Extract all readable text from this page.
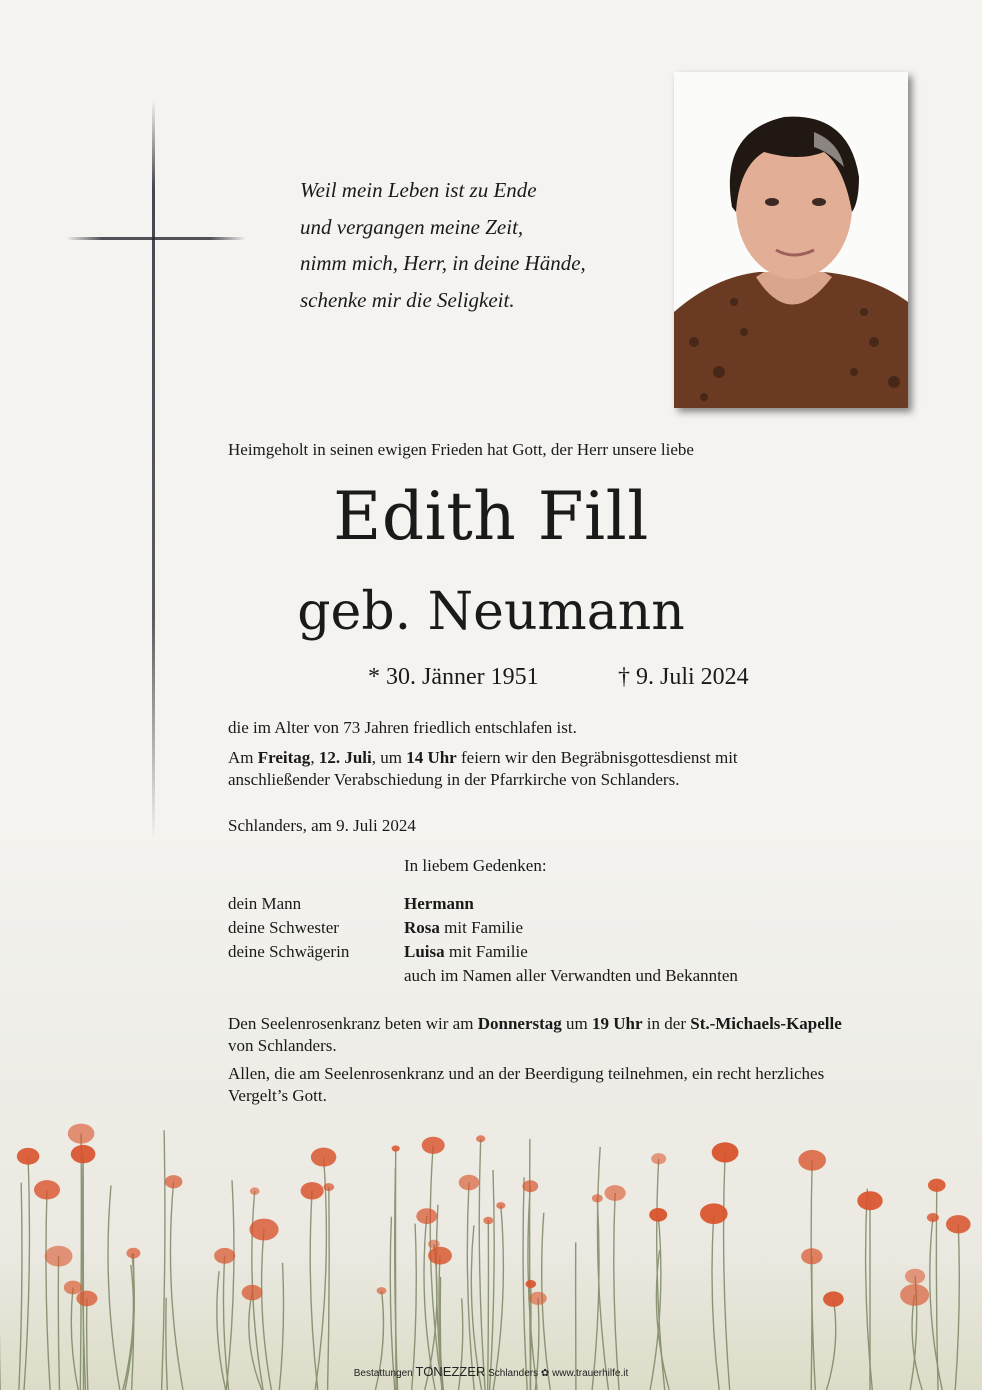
Weil mein Leben ist zu Ende
und vergangen meine Zeit,
nimm mich, Herr, in deine Hände,
schenke mir die Seligkeit.
Heimgeholt in seinen ewigen Frieden hat Gott, der Herr unsere liebe
Edith Fill
geb. Neumann
* 30. Jänner 1951	† 9. Juli 2024
die im Alter von 73 Jahren friedlich entschlafen ist.
Am Freitag, 12. Juli, um 14 Uhr feiern wir den Begräbnisgottesdienst mit
anschließender Verabschiedung in der Pfarrkirche von Schlanders.
Schlanders, am 9. Juli 2024
In liebem Gedenken:
dein Mann	Hermann
deine Schwester	Rosa mit Familie
deine Schwägerin	Luisa mit Familie
auch im Namen aller Verwandten und Bekannten
Den Seelenrosenkranz beten wir am Donnerstag um 19 Uhr in der St.-Michaels-Kapelle
von Schlanders.
Allen, die am Seelenrosenkranz und an der Beerdigung teilnehmen, ein recht herzliches
Vergelt’s Gott.
Bestattungen TONEZZER Schlanders ✿ www.trauerhilfe.it
